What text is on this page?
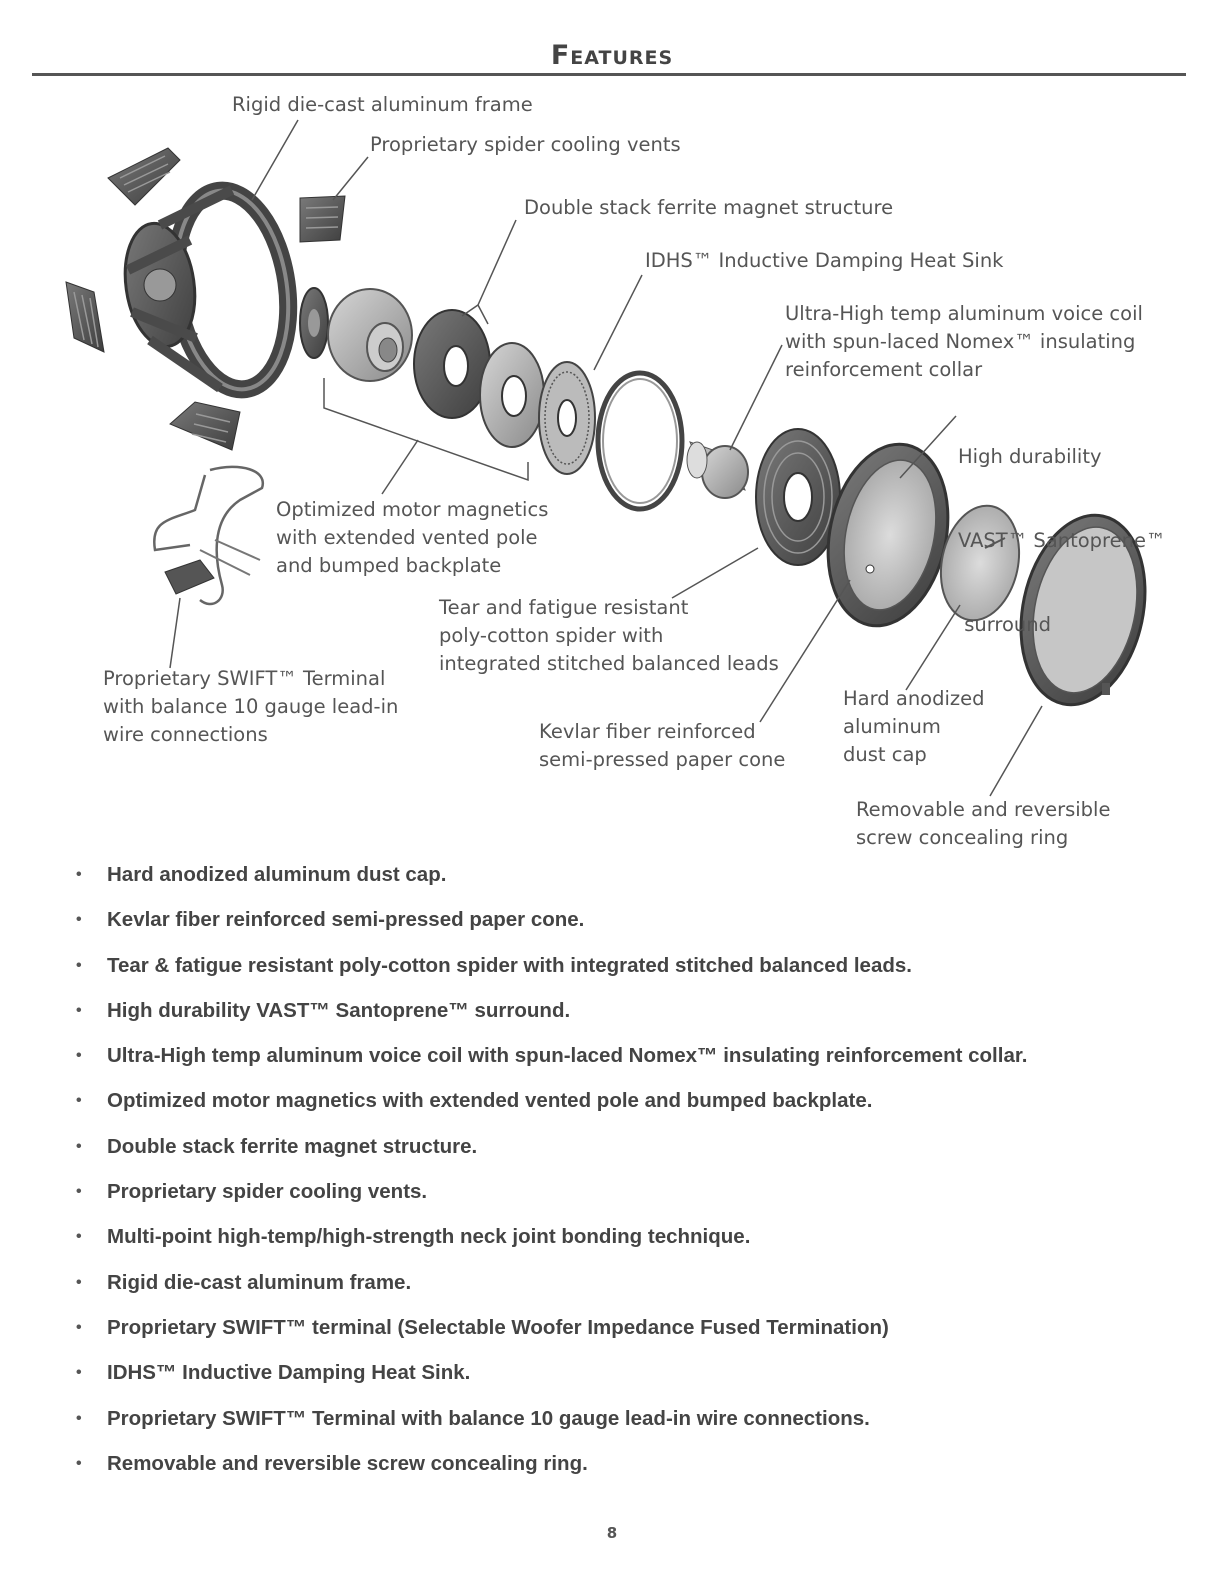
Features
Rigid die-cast aluminum frame
Proprietary spider cooling vents
Double stack ferrite magnet structure
IDHS™ Inductive Damping Heat Sink
Ultra-High temp aluminum voice coil
with spun-laced Nomex™ insulating
reinforcement collar

High durability

VAST™ Santoprene™

surround

Optimized motor magnetics
with extended vented pole
and bumped backplate
Tear and fatigue resistant
poly-cotton spider with
integrated stitched balanced leads
Proprietary SWIFT™ Terminal
with balance 10 gauge lead-in
wire connections	Kevlar fiber reinforced
semi-pressed paper cone
Hard anodized
aluminum
dust cap
Removable and reversible
screw concealing ring
• Hard anodized aluminum dust cap.
• Kevlar fiber reinforced semi-pressed paper cone.
• Tear & fatigue resistant poly-cotton spider with integrated stitched balanced leads.
• High durability VAST™ Santoprene™ surround.
• Ultra-High temp aluminum voice coil with spun-laced Nomex™ insulating reinforcement collar.
• Optimized motor magnetics with extended vented pole and bumped backplate.
• Double stack ferrite magnet structure.
• Proprietary spider cooling vents.
• Multi-point high-temp/high-strength neck joint bonding technique.
• Rigid die-cast aluminum frame.
• Proprietary SWIFT™ terminal (Selectable Woofer Impedance Fused Termination)
• IDHS™ Inductive Damping Heat Sink.
• Proprietary SWIFT™ Terminal with balance 10 gauge lead-in wire connections.
• Removable and reversible screw concealing ring.
8
